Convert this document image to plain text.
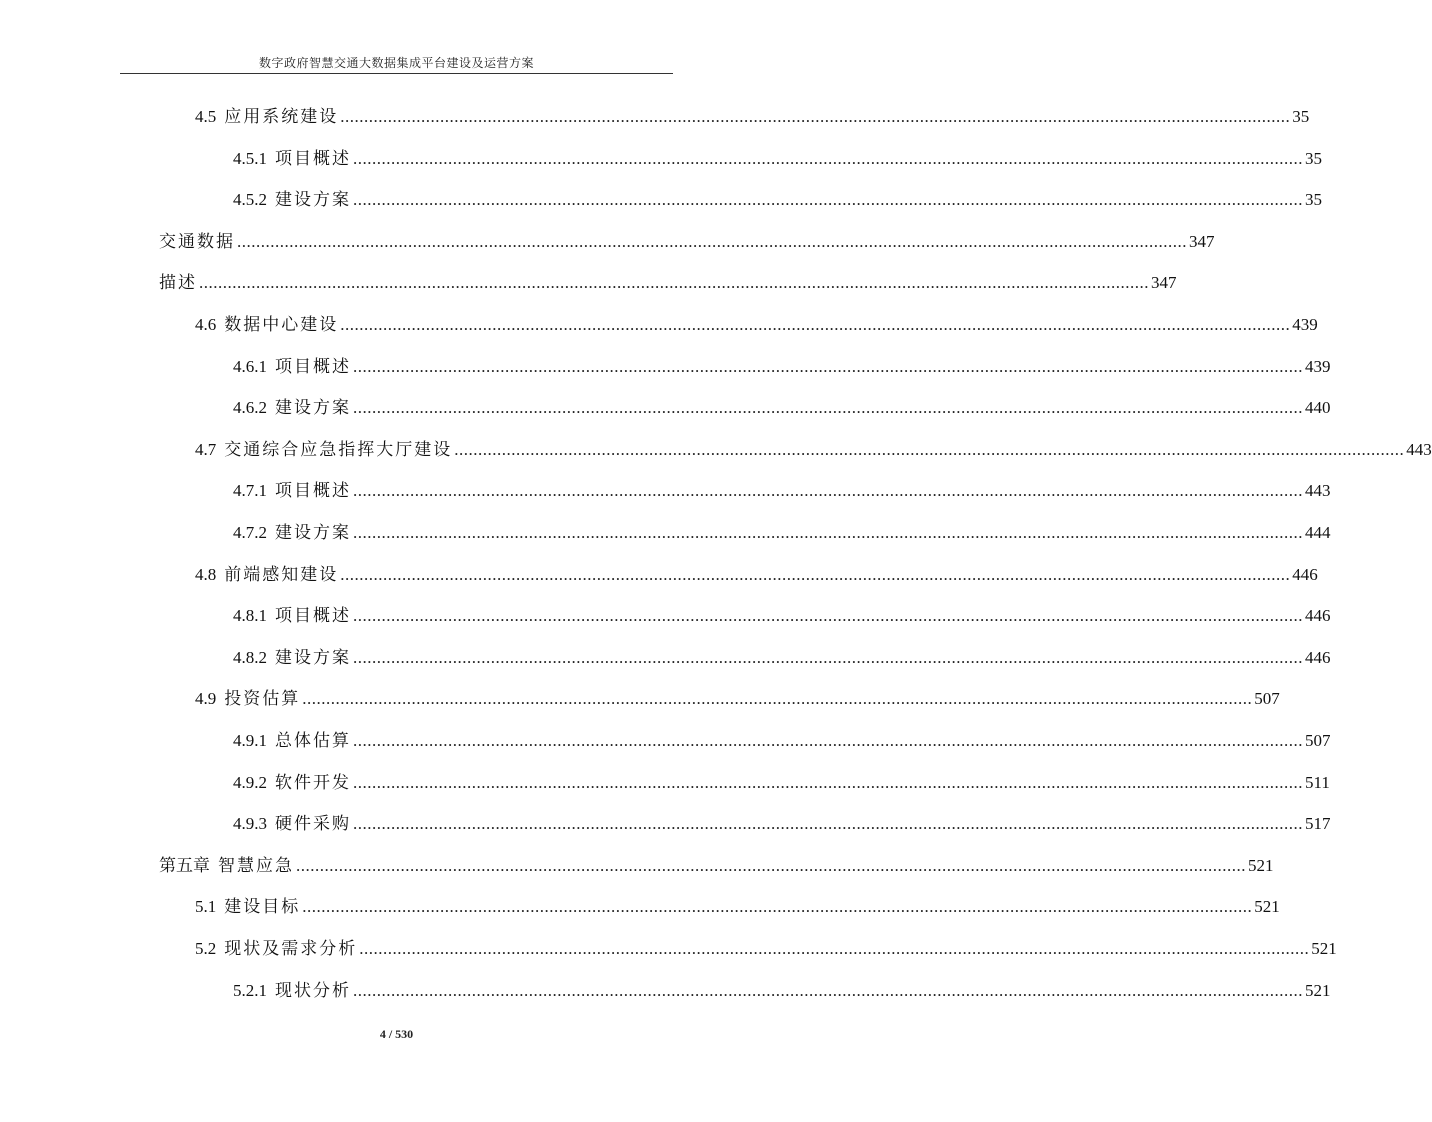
数字政府智慧交通大数据集成平台建设及运营方案
4.5 应用系统建设 ........................................................................................................................................................................................................ 35
4.5.1 项目概述 ........................................................................................................................................................................................................ 35
4.5.2 建设方案 ........................................................................................................................................................................................................ 35
交通数据 ........................................................................................................................................................................................................ 347
描述 ........................................................................................................................................................................................................ 347
4.6 数据中心建设 ........................................................................................................................................................................................................ 439
4.6.1 项目概述 ........................................................................................................................................................................................................ 439
4.6.2 建设方案 ........................................................................................................................................................................................................ 440
4.7 交通综合应急指挥大厅建设 ........................................................................................................................................................................................................ 443
4.7.1 项目概述 ........................................................................................................................................................................................................ 443
4.7.2 建设方案 ........................................................................................................................................................................................................ 444
4.8 前端感知建设 ........................................................................................................................................................................................................ 446
4.8.1 项目概述 ........................................................................................................................................................................................................ 446
4.8.2 建设方案 ........................................................................................................................................................................................................ 446
4.9 投资估算 ........................................................................................................................................................................................................ 507
4.9.1 总体估算 ........................................................................................................................................................................................................ 507
4.9.2 软件开发 ........................................................................................................................................................................................................ 511
4.9.3 硬件采购 ........................................................................................................................................................................................................ 517
第五章 智慧应急 ........................................................................................................................................................................................................ 521
5.1 建设目标 ........................................................................................................................................................................................................ 521
5.2 现状及需求分析 ........................................................................................................................................................................................................ 521
5.2.1 现状分析 ........................................................................................................................................................................................................ 521
4 / 530
